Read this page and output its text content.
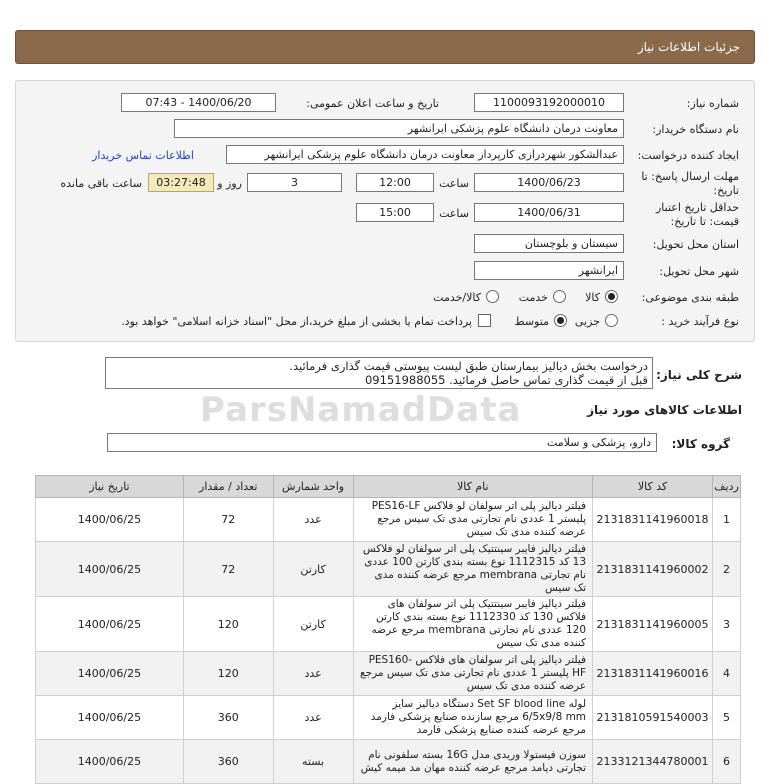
جزئیات اطلاعات نیاز
شماره نیاز:
1100093192000010
تاریخ و ساعت اعلان عمومی:
1400/06/20 - 07:43
نام دستگاه خریدار:
معاونت درمان دانشگاه علوم پزشکی ایرانشهر
ایجاد کننده درخواست:
عبدالشکور شهردرازی کارپرداز معاونت درمان دانشگاه علوم پزشکی ایرانشهر
اطلاعات تماس خریدار
مهلت ارسال پاسخ: تا
تاریخ:
1400/06/23
ساعت
12:00
3
روز و
03:27:48
ساعت باقی مانده
حداقل تاریخ اعتبار
قیمت: تا تاریخ:
1400/06/31
ساعت
15:00
استان محل تحویل:
سیستان و بلوچستان
شهر محل تحویل:
ایرانشهر
طبقه بندی موضوعی:
کالا
خدمت
کالا/خدمت
نوع فرآیند خرید :
جزیی
متوسط
پرداخت تمام یا بخشی از مبلغ خرید،از محل "اسناد خزانه اسلامی" خواهد بود.
شرح کلی نیاز:
درخواست بخش دیالیز بیمارستان طبق لیست پیوستی قیمت گذاری فرمائید.
قبل از قیمت گذاری تماس حاصل فرمائید. 09151988055
ParsNamadData	اطلاعات کالاهای مورد نیاز
گروه کالا:
دارو، پزشکی و سلامت
ردیف	کد کالا	نام کالا	واحد شمارش	تعداد / مقدار	تاریخ نیاز
1	2131831141960018	فیلتر دیالیز پلی اتر سولفان لو فلاکس PES16-LF پلیستر 1 عددی نام تجارتی مدی تک سیس مرجع عرضه کننده مدی تک سیس	عدد	72	1400/06/25
2	2131831141960002	فیلتر دیالیز فایبر سینتتیک پلی اتر سولفان لو فلاکس 13 کد 1112315 نوع بسته بندی کارتن 100 عددی نام تجارتی membrana مرجع عرضه کننده مدی تک سیس	کارتن	72	1400/06/25
3	2131831141960005	فیلتر دیالیز فایبر سینتتیک پلی اتر سولفان های فلاکس 130 کد 1112330 نوع بسته بندی کارتن 120 عددی نام تجارتی membrana مرجع عرضه کننده مدی تک سیس	کارتن	120	1400/06/25
4	2131831141960016	فیلتر دیالیز پلی اتر سولفان های فلاکس PES160-HF پلیستر 1 عددی نام تجارتی مدی تک سیس مرجع عرضه کننده مدی تک سیس	عدد	120	1400/06/25
5	2131810591540003	لوله Set SF blood line دستگاه دیالیز سایز 6/5x9/8 mm مرجع سازنده صنایع پزشکی فارمد مرجع عرضه کننده صنایع پزشکی فارمد	عدد	360	1400/06/25
6	2133121344780001	سوزن فیستولا وریدی مدل 16G بسته سلفونی نام تجارتی دیامد مرجع عرضه کننده مهان مد میمه کیش	بسته	360	1400/06/25
